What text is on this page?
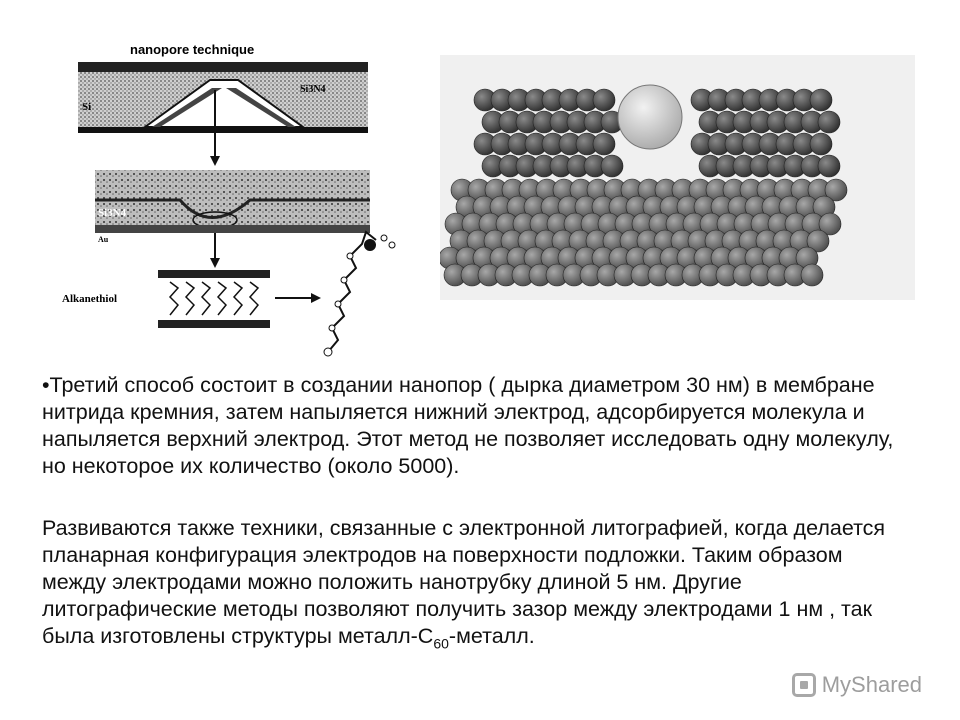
Si
Si3N4
nanopore technique
Si3N4
Au
Alkanethiol

•Третий способ состоит в создании нанопор ( дырка диаметром 30 нм) в мембране нитрида кремния, затем напыляется нижний электрод, адсорбируется молекула и напыляется верхний электрод. Этот метод не позволяет исследовать одну молекулу, но некоторое их количество (около 5000).

Развиваются также техники, связанные с электронной литографией, когда делается планарная конфигурация электродов на поверхности подложки. Таким образом между электродами можно положить нанотрубку длиной 5 нм. Другие литографические методы позволяют получить зазор между электродами 1 нм , так была изготовлены структуры металл-$С_{60}$-металл.

MyShared
